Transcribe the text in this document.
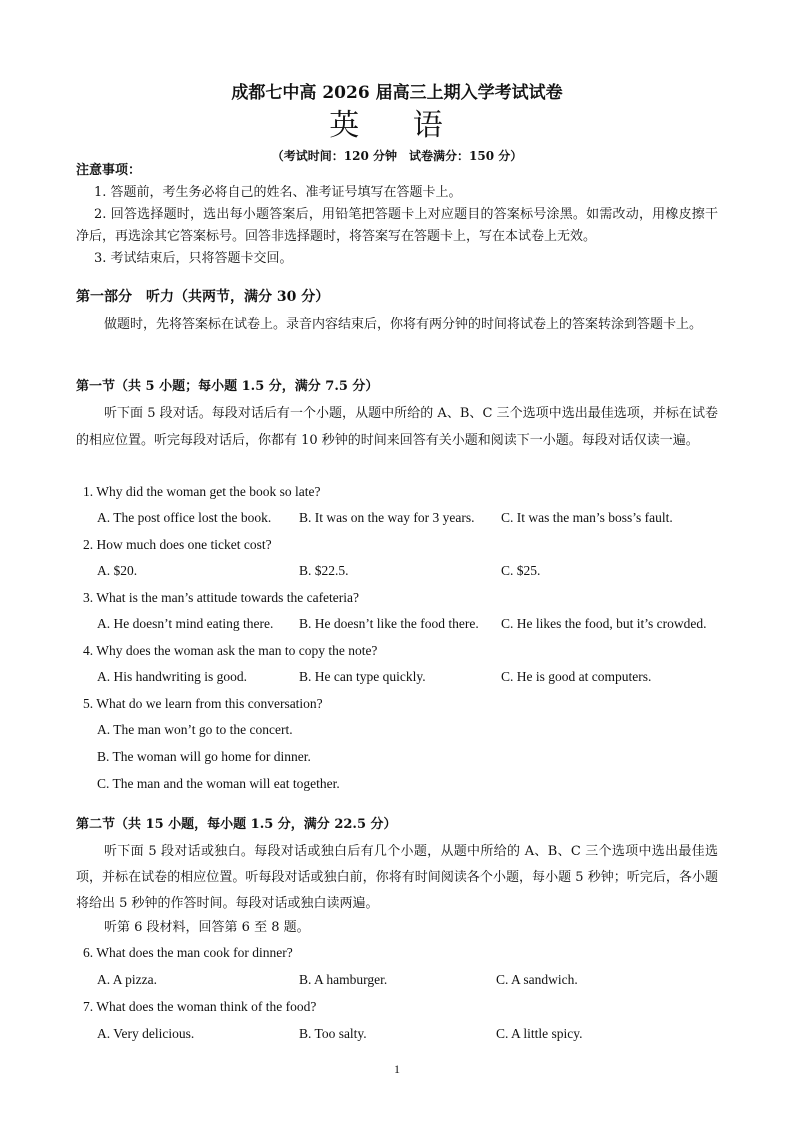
成都七中高 2026 届高三上期入学考试试卷
英 语
（考试时间：120 分钟　试卷满分：150 分）
注意事项：
1. 答题前，考生务必将自己的姓名、准考证号填写在答题卡上。
2. 回答选择题时，选出每小题答案后，用铅笔把答题卡上对应题目的答案标号涂黑。如需改动，用橡皮擦干净后，再选涂其它答案标号。回答非选择题时，将答案写在答题卡上，写在本试卷上无效。
3. 考试结束后，只将答题卡交回。
第一部分　听力（共两节，满分 30 分）
做题时，先将答案标在试卷上。录音内容结束后，你将有两分钟的时间将试卷上的答案转涂到答题卡上。
第一节（共 5 小题；每小题 1.5 分，满分 7.5 分）
听下面 5 段对话。每段对话后有一个小题，从题中所给的 A、B、C 三个选项中选出最佳选项，并标在试卷的相应位置。听完每段对话后，你都有 10 秒钟的时间来回答有关小题和阅读下一小题。每段对话仅读一遍。
1. Why did the woman get the book so late?
A. The post office lost the book. B. It was on the way for 3 years. C. It was the man’s boss’s fault.
2. How much does one ticket cost?
A. $20.	B. $22.5.	C. $25.
3. What is the man’s attitude towards the cafeteria?
A. He doesn’t mind eating there. B. He doesn’t like the food there. C. He likes the food, but it’s crowded.
4. Why does the woman ask the man to copy the note?
A. His handwriting is good.	B. He can type quickly.	C. He is good at computers.
5. What do we learn from this conversation?
A. The man won’t go to the concert.
B. The woman will go home for dinner.
C. The man and the woman will eat together.
第二节（共 15 小题，每小题 1.5 分，满分 22.5 分）
听下面 5 段对话或独白。每段对话或独白后有几个小题，从题中所给的 A、B、C 三个选项中选出最佳选项，并标在试卷的相应位置。听每段对话或独白前，你将有时间阅读各个小题，每小题 5 秒钟；听完后，各小题将给出 5 秒钟的作答时间。每段对话或独白读两遍。
听第 6 段材料，回答第 6 至 8 题。
6. What does the man cook for dinner?
A. A pizza.	B. A hamburger.	C. A sandwich.
7. What does the woman think of the food?
A. Very delicious.	B. Too salty.	C. A little spicy.
1
